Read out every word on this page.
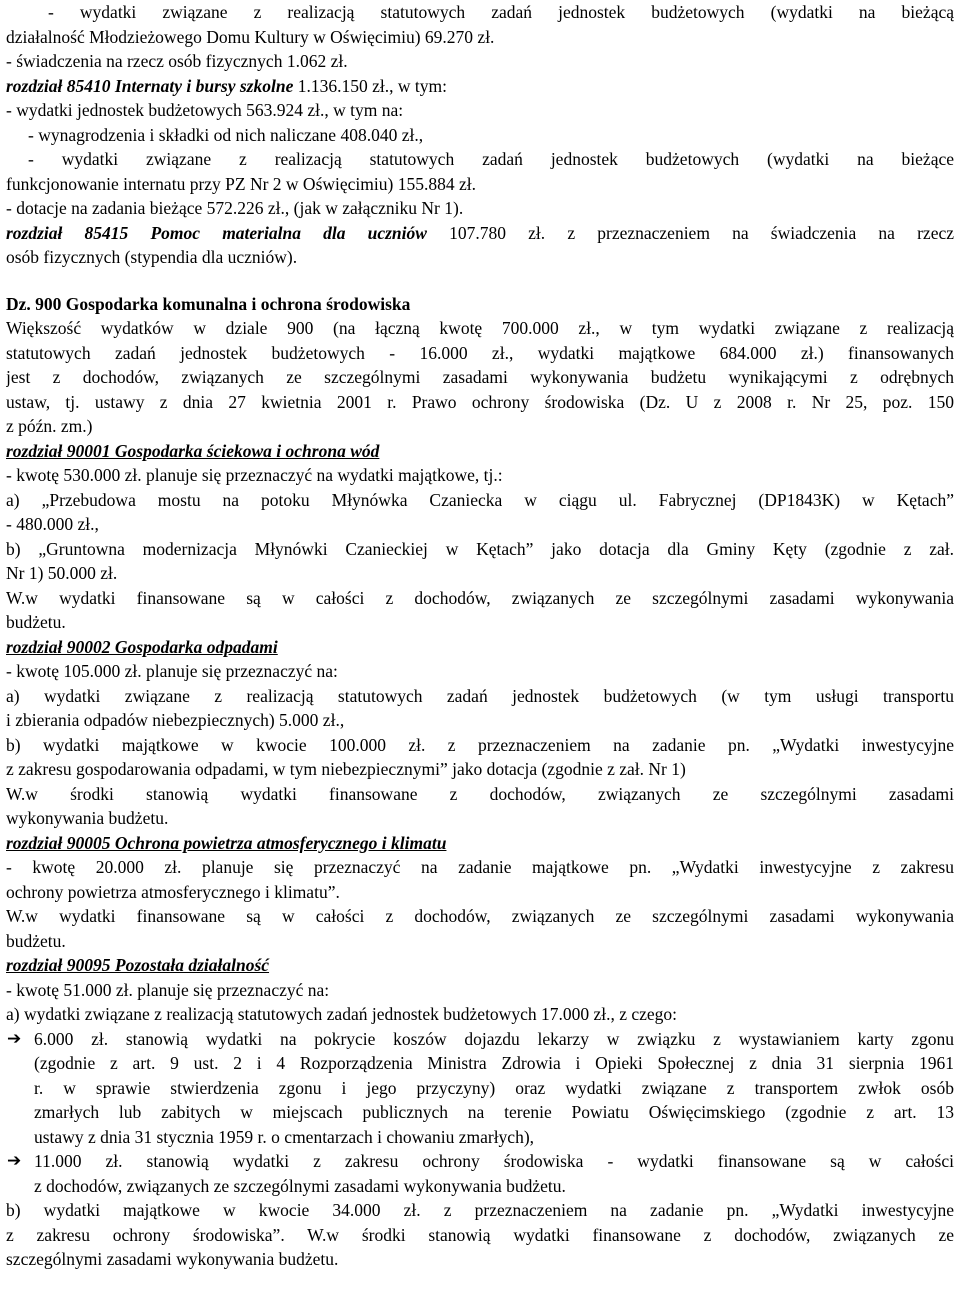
- wydatki związane z realizacją statutowych zadań jednostek budżetowych (wydatki na bieżącą
działalność Młodzieżowego Domu Kultury w Oświęcimiu) 69.270 zł.
- świadczenia na rzecz osób fizycznych 1.062 zł.
rozdział 85410 Internaty i bursy szkolne 1.136.150 zł., w tym:
- wydatki jednostek budżetowych 563.924 zł., w tym na:
- wynagrodzenia i składki od nich naliczane 408.040 zł.,
- wydatki związane z realizacją statutowych zadań jednostek budżetowych (wydatki na bieżące
funkcjonowanie internatu przy PZ Nr 2 w Oświęcimiu) 155.884 zł.
- dotacje na zadania bieżące 572.226 zł., (jak w załączniku Nr 1).
rozdział 85415 Pomoc materialna dla uczniów 107.780 zł. z przeznaczeniem na świadczenia na rzecz
osób fizycznych (stypendia dla uczniów).
Dz. 900 Gospodarka komunalna i ochrona środowiska
Większość wydatków w dziale 900 (na łączną kwotę 700.000 zł., w tym wydatki związane z realizacją
statutowych zadań jednostek budżetowych - 16.000 zł., wydatki majątkowe 684.000 zł.) finansowanych
jest z dochodów, związanych ze szczególnymi zasadami wykonywania budżetu wynikającymi z odrębnych
ustaw, tj. ustawy z dnia 27 kwietnia 2001 r. Prawo ochrony środowiska (Dz. U z 2008 r. Nr 25, poz. 150
z późn. zm.)
rozdział 90001 Gospodarka ściekowa i ochrona wód
- kwotę 530.000 zł. planuje się przeznaczyć na wydatki majątkowe, tj.:
a) „Przebudowa mostu na potoku Młynówka Czaniecka w ciągu ul. Fabrycznej (DP1843K) w Kętach”
- 480.000 zł.,
b) „Gruntowna modernizacja Młynówki Czanieckiej w Kętach” jako dotacja dla Gminy Kęty (zgodnie z zał.
Nr 1) 50.000 zł.
W.w wydatki finansowane są w całości z dochodów, związanych ze szczególnymi zasadami wykonywania
budżetu.
rozdział 90002 Gospodarka odpadami
- kwotę 105.000 zł. planuje się przeznaczyć na:
a) wydatki związane z realizacją statutowych zadań jednostek budżetowych (w tym usługi transportu
i zbierania odpadów niebezpiecznych) 5.000 zł.,
b) wydatki majątkowe w kwocie 100.000 zł. z przeznaczeniem na zadanie pn. „Wydatki inwestycyjne
z zakresu gospodarowania odpadami, w tym niebezpiecznymi” jako dotacja (zgodnie z zał. Nr 1)
W.w środki stanowią wydatki finansowane z dochodów, związanych ze szczególnymi zasadami
wykonywania budżetu.
rozdział 90005 Ochrona powietrza atmosferycznego i klimatu
- kwotę 20.000 zł. planuje się przeznaczyć na zadanie majątkowe pn. „Wydatki inwestycyjne z zakresu
ochrony powietrza atmosferycznego i klimatu”.
W.w wydatki finansowane są w całości z dochodów, związanych ze szczególnymi zasadami wykonywania
budżetu.
rozdział 90095 Pozostała działalność
- kwotę 51.000 zł. planuje się przeznaczyć na:
a) wydatki związane z realizacją statutowych zadań jednostek budżetowych 17.000 zł., z czego:
➔ 6.000 zł. stanowią wydatki na pokrycie koszów dojazdu lekarzy w związku z wystawianiem karty zgonu
(zgodnie z art. 9 ust. 2 i 4 Rozporządzenia Ministra Zdrowia i Opieki Społecznej z dnia 31 sierpnia 1961
r. w sprawie stwierdzenia zgonu i jego przyczyny) oraz wydatki związane z transportem zwłok osób
zmarłych lub zabitych w miejscach publicznych na terenie Powiatu Oświęcimskiego (zgodnie z art. 13
ustawy z dnia 31 stycznia 1959 r. o cmentarzach i chowaniu zmarłych),
➔ 11.000 zł. stanowią wydatki z zakresu ochrony środowiska - wydatki finansowane są w całości
z dochodów, związanych ze szczególnymi zasadami wykonywania budżetu.
b) wydatki majątkowe w kwocie 34.000 zł. z przeznaczeniem na zadanie pn. „Wydatki inwestycyjne
z zakresu ochrony środowiska”. W.w środki stanowią wydatki finansowane z dochodów, związanych ze
szczególnymi zasadami wykonywania budżetu.
